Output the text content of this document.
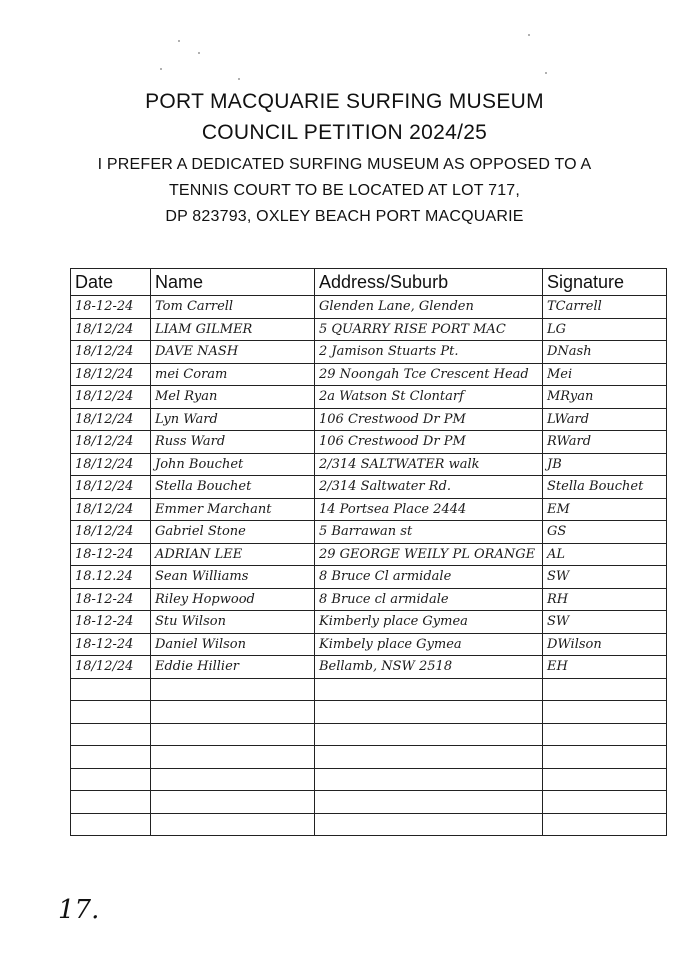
PORT MACQUARIE SURFING MUSEUM
COUNCIL PETITION 2024/25
I PREFER A DEDICATED SURFING MUSEUM AS OPPOSED TO A
TENNIS COURT TO BE LOCATED AT LOT 717,
DP 823793, OXLEY BEACH PORT MACQUARIE
Date	Name	Address/Suburb	Signature
18-12-24	Tom Carrell	Glenden Lane, Glenden	TCarrell
18/12/24	LIAM GILMER	5 QUARRY RISE PORT MAC	LG
18/12/24	DAVE NASH	2 Jamison Stuarts Pt.	DNash
18/12/24	mei Coram	29 Noongah Tce Crescent Head	Mei
18/12/24	Mel Ryan	2a Watson St Clontarf	MRyan
18/12/24	Lyn Ward	106 Crestwood Dr PM	LWard
18/12/24	Russ Ward	106 Crestwood Dr PM	RWard
18/12/24	John Bouchet	2/314 SALTWATER walk	JB
18/12/24	Stella Bouchet	2/314 Saltwater Rd.	Stella Bouchet
18/12/24	Emmer Marchant	14 Portsea Place 2444	EM
18/12/24	Gabriel Stone	5 Barrawan st	GS
18-12-24	ADRIAN LEE	29 GEORGE WEILY PL ORANGE	AL
18.12.24	Sean Williams	8 Bruce Cl armidale	SW
18-12-24	Riley Hopwood	8 Bruce cl armidale	RH
18-12-24	Stu Wilson	Kimberly place Gymea	SW
18-12-24	Daniel Wilson	Kimbely place Gymea	DWilson
18/12/24	Eddie Hillier	Bellamb, NSW 2518	EH

17.
